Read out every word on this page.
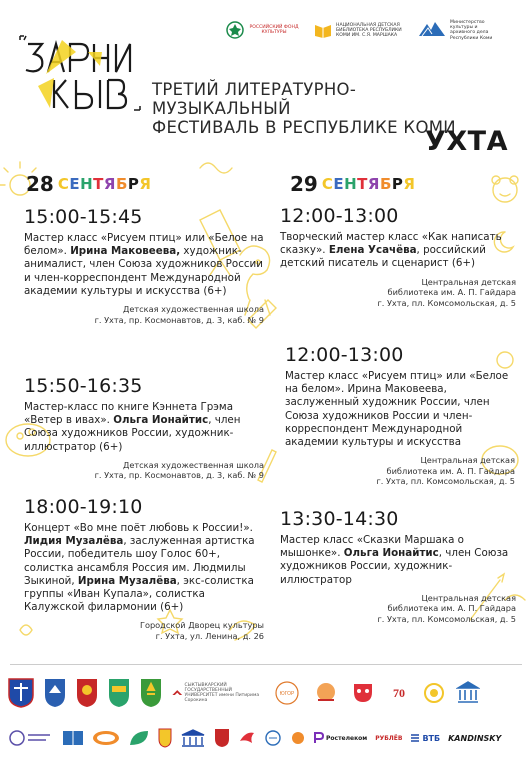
ЗАРНИ
РОССИЙСКИЙ ФОНД КУЛЬТУРЫ
НАЦИОНАЛЬНАЯ ДЕТСКАЯ БИБЛИОТЕКА РЕСПУБЛИКИ КОМИ ИМ. С.Я. МАРШАКА
Министерство культуры и архивного дела Республики Коми
ТРЕТИЙ ЛИТЕРАТУРНО-МУЗЫКАЛЬНЫЙ
ФЕСТИВАЛЬ В РЕСПУБЛИКЕ КОМИ
УХТА
28 С Е Н Т Я Б Р Я	29 С Е Н Т Я Б Р Я
15:00-15:45
Мастер класс «Рисуем птиц» или «Белое на белом». Ирина Маковеева, художник-анималист, член Союза художников России и член-корреспондент Международной академии культуры и искусства (6+)
Детская художественная школа
г. Ухта, пр. Космонавтов, д. 3, каб. № 9
15:50-16:35
Мастер-класс по книге Кэннета Грэма «Ветер в ивах». Ольга Ионайтис, член Союза художников России, художник-иллюстратор (6+)
Детская художественная школа
г. Ухта, пр. Космонавтов, д. 3, каб. № 9
18:00-19:10
Концерт «Во мне поёт любовь к России!». Лидия Музалёва, заслуженная артистка России, победитель шоу Голос 60+, солистка ансамбля Россия им. Людмилы Зыкиной, Ирина Музалёва, экс-солистка группы «Иван Купала», солистка Калужской филармонии (6+)
Городской Дворец культуры
г. Ухта, ул. Ленина, д. 26
12:00-13:00
Творческий мастер класс «Как написать сказку». Елена Усачёва, российский детский писатель и сценарист (6+)
Центральная детская
библиотека им. А. П. Гайдара
г. Ухта, пл. Комсомольская, д. 5
12:00-13:00
Мастер класс «Рисуем птиц» или «Белое на белом». Ирина Маковеева, заслуженный художник России, член Союза художников России и член-корреспондент Международной академии культуры и искусства
Центральная детская
библиотека им. А. П. Гайдара
г. Ухта, пл. Комсомольская, д. 5
13:30-14:30
Мастер класс «Сказки Маршака о мышонке». Ольга Ионайтис, член Союза художников России, художник-иллюстратор
Центральная детская
библиотека им. А. П. Гайдара
г. Ухта, пл. Комсомольская, д. 5
СЫКТЫВКАРСКИЙ ГОСУДАРСТВЕННЫЙ УНИВЕРСИТЕТ имени Питирима Сорокина
ЮГОР	70
Ростелеком РУБЛЁВ	ВТБ KANDINSKY
